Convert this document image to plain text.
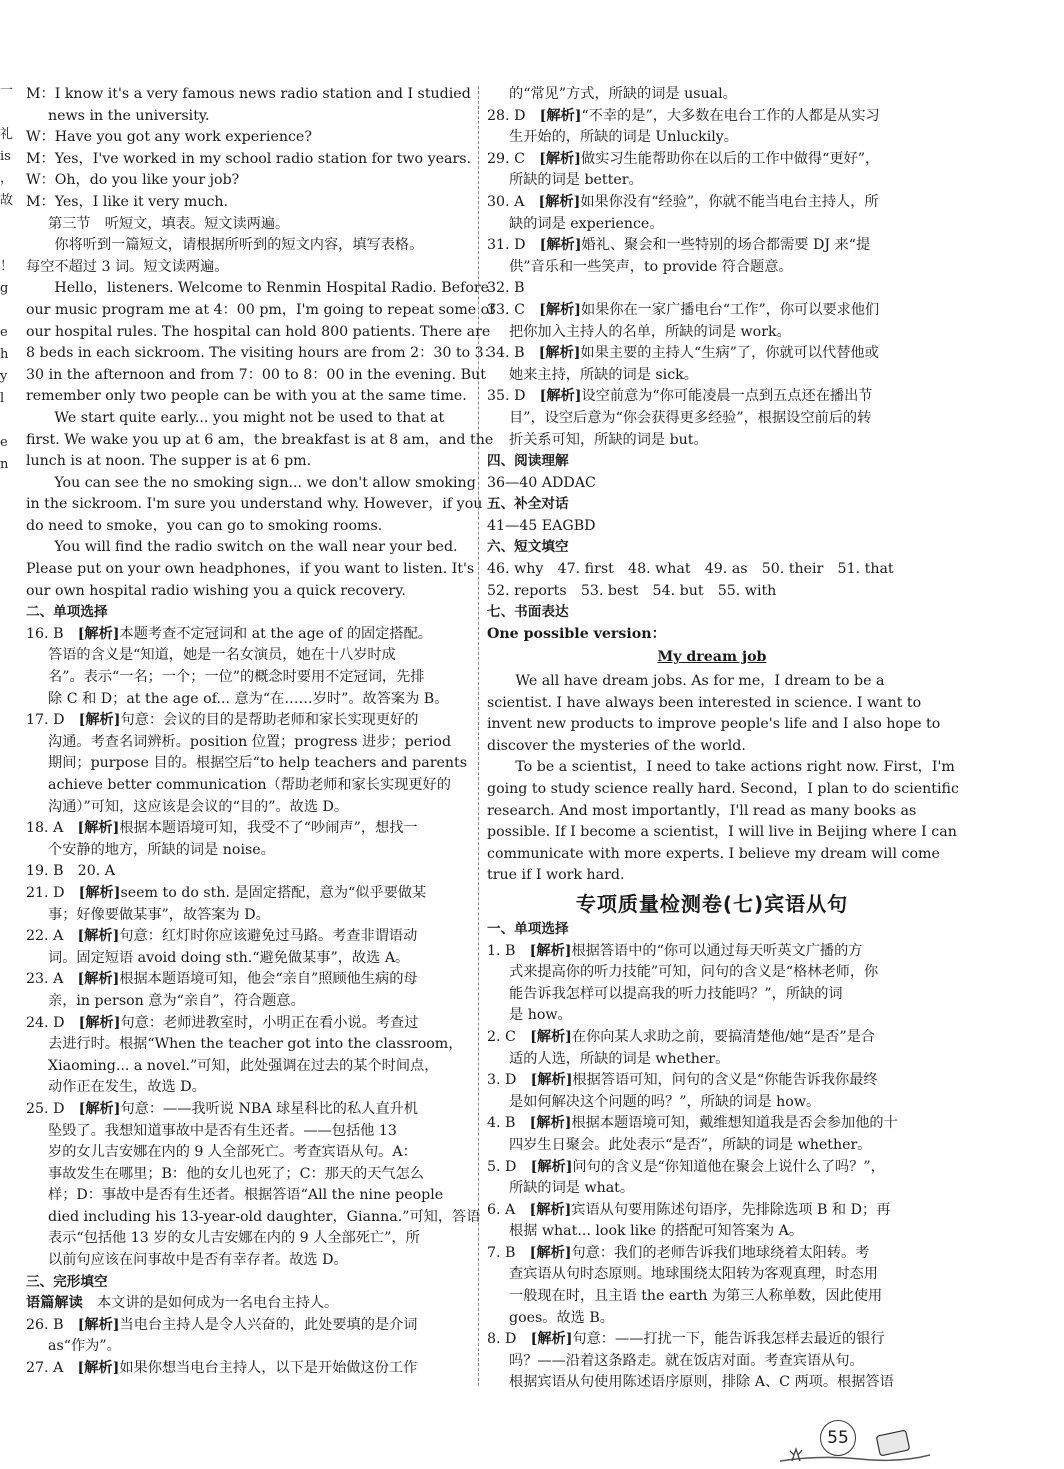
一
礼
is
，
故
！
g
e
h
y
l
e
n

M：I know it's a very famous news radio station and I studied

news in the university.

W：Have you got any work experience?

M：Yes，I've worked in my school radio station for two years.

W：Oh，do you like your job?

M：Yes，I like it very much.

第三节　听短文，填表。短文读两遍。

你将听到一篇短文，请根据所听到的短文内容，填写表格。

每空不超过 3 词。短文读两遍。

Hello，listeners. Welcome to Renmin Hospital Radio. Before

our music program me at 4：00 pm，I'm going to repeat some of

our hospital rules. The hospital can hold 800 patients. There are

8 beds in each sickroom. The visiting hours are from 2：30 to 3：

30 in the afternoon and from 7：00 to 8：00 in the evening. But

remember only two people can be with you at the same time.

We start quite early... you might not be used to that at

first. We wake you up at 6 am，the breakfast is at 8 am，and the

lunch is at noon. The supper is at 6 pm.

You can see the no smoking sign... we don't allow smoking

in the sickroom. I'm sure you understand why. However，if you

do need to smoke，you can go to smoking rooms.

You will find the radio switch on the wall near your bed.

Please put on your own headphones，if you want to listen. It's

our own hospital radio wishing you a quick recovery.

二、单项选择

16. B　[解析]本题考查不定冠词和 at the age of 的固定搭配。

答语的含义是“知道，她是一名女演员，她在十八岁时成

名”。表示“一名；一个；一位”的概念时要用不定冠词，先排

除 C 和 D；at the age of... 意为“在……岁时”。故答案为 B。

17. D　[解析]句意：会议的目的是帮助老师和家长实现更好的

沟通。考查名词辨析。position 位置；progress 进步；period

期间；purpose 目的。根据空后“to help teachers and parents

achieve better communication（帮助老师和家长实现更好的

沟通）”可知，这应该是会议的“目的”。故选 D。

18. A　[解析]根据本题语境可知，我受不了“吵闹声”，想找一

个安静的地方，所缺的词是 noise。

19. B　20. A

21. D　[解析]seem to do sth. 是固定搭配，意为“似乎要做某

事；好像要做某事”，故答案为 D。

22. A　[解析]句意：红灯时你应该避免过马路。考查非谓语动

词。固定短语 avoid doing sth.“避免做某事”，故选 A。

23. A　[解析]根据本题语境可知，他会“亲自”照顾他生病的母

亲，in person 意为“亲自”，符合题意。

24. D　[解析]句意：老师进教室时，小明正在看小说。考查过

去进行时。根据“When the teacher got into the classroom，

Xiaoming... a novel.”可知，此处强调在过去的某个时间点，

动作正在发生，故选 D。

25. D　[解析]句意：——我听说 NBA 球星科比的私人直升机

坠毁了。我想知道事故中是否有生还者。——包括他 13

岁的女儿吉安娜在内的 9 人全部死亡。考查宾语从句。A：

事故发生在哪里；B：他的女儿也死了；C：那天的天气怎么

样；D：事故中是否有生还者。根据答语“All the nine people

died including his 13-year-old daughter，Gianna.”可知，答语

表示“包括他 13 岁的女儿吉安娜在内的 9 人全部死亡”，所

以前句应该在问事故中是否有幸存者。故选 D。

三、完形填空

语篇解读　本文讲的是如何成为一名电台主持人。

26. B　[解析]当电台主持人是令人兴奋的，此处要填的是介词

as“作为”。

27. A　[解析]如果你想当电台主持人，以下是开始做这份工作

的“常见”方式，所缺的词是 usual。

28. D　[解析]“不幸的是”，大多数在电台工作的人都是从实习

生开始的，所缺的词是 Unluckily。

29. C　[解析]做实习生能帮助你在以后的工作中做得“更好”，

所缺的词是 better。

30. A　[解析]如果你没有“经验”，你就不能当电台主持人，所

缺的词是 experience。

31. D　[解析]婚礼、聚会和一些特别的场合都需要 DJ 来“提

供”音乐和一些笑声，to provide 符合题意。

32. B

33. C　[解析]如果你在一家广播电台“工作”，你可以要求他们

把你加入主持人的名单，所缺的词是 work。

34. B　[解析]如果主要的主持人“生病”了，你就可以代替他或

她来主持，所缺的词是 sick。

35. D　[解析]设空前意为“你可能凌晨一点到五点还在播出节

目”，设空后意为“你会获得更多经验”，根据设空前后的转

折关系可知，所缺的词是 but。

四、阅读理解

36—40 ADDAC

五、补全对话

41—45 EAGBD

六、短文填空

46. why　47. first　48. what　49. as　50. their　51. that

52. reports　53. best　54. but　55. with

七、书面表达

One possible version：

My dream job

We all have dream jobs. As for me，I dream to be a

scientist. I have always been interested in science. I want to

invent new products to improve people's life and I also hope to

discover the mysteries of the world.

To be a scientist，I need to take actions right now. First，I'm

going to study science really hard. Second，I plan to do scientific

research. And most importantly，I'll read as many books as

possible. If I become a scientist，I will live in Beijing where I can

communicate with more experts. I believe my dream will come

true if I work hard.

专项质量检测卷(七)宾语从句

一、单项选择

1. B　[解析]根据答语中的“你可以通过每天听英文广播的方

式来提高你的听力技能”可知，问句的含义是“格林老师，你

能告诉我怎样可以提高我的听力技能吗？”，所缺的词

是 how。

2. C　[解析]在你向某人求助之前，要搞清楚他/她“是否”是合

适的人选，所缺的词是 whether。

3. D　[解析]根据答语可知，问句的含义是“你能告诉我你最终

是如何解决这个问题的吗？”，所缺的词是 how。

4. B　[解析]根据本题语境可知，戴维想知道我是否会参加他的十

四岁生日聚会。此处表示“是否”，所缺的词是 whether。

5. D　[解析]问句的含义是“你知道他在聚会上说什么了吗？”，

所缺的词是 what。

6. A　[解析]宾语从句要用陈述句语序，先排除选项 B 和 D；再

根据 what... look like 的搭配可知答案为 A。

7. B　[解析]句意：我们的老师告诉我们地球绕着太阳转。考

查宾语从句时态原则。地球围绕太阳转为客观真理，时态用

一般现在时，且主语 the earth 为第三人称单数，因此使用

goes。故选 B。

8. D　[解析]句意：——打扰一下，能告诉我怎样去最近的银行

吗？——沿着这条路走。就在饭店对面。考查宾语从句。

根据宾语从句使用陈述语序原则，排除 A、C 两项。根据答语

55
